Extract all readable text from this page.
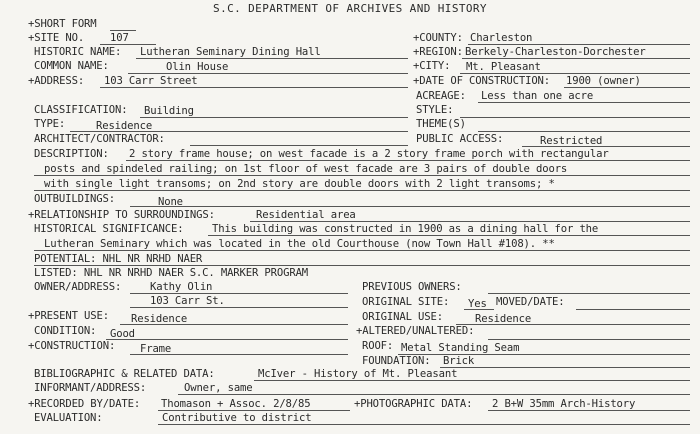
S.C. DEPARTMENT OF ARCHIVES AND HISTORY
+SHORT FORM
+SITE NO. 107	+COUNTY: Charleston
HISTORIC NAME: Lutheran Seminary Dining Hall	+REGION: Berkely-Charleston-Dorchester
COMMON NAME:	Olin House	+CITY: Mt. Pleasant
+ADDRESS: 103 Carr Street	+DATE OF CONSTRUCTION: 1900 (owner)
ACREAGE: Less than one acre
CLASSIFICATION: Building	STYLE:
TYPE:	Residence	THEME(S)
ARCHITECT/CONTRACTOR:	PUBLIC ACCESS:	Restricted
DESCRIPTION: 2 story frame house; on west facade is a 2 story frame porch with rectangular
posts and spindeled railing; on 1st floor of west facade are 3 pairs of double doors
with single light transoms; on 2nd story are double doors with 2 light transoms; *
OUTBUILDINGS:	None
+RELATIONSHIP TO SURROUNDINGS:	Residential area
HISTORICAL SIGNIFICANCE:	This building was constructed in 1900 as a dining hall for the
Lutheran Seminary which was located in the old Courthouse (now Town Hall #108). **
POTENTIAL: NHL NR NRHD NAER
LISTED: NHL NR NRHD NAER S.C. MARKER PROGRAM
OWNER/ADDRESS:	Kathy Olin
103 Carr St.
PREVIOUS OWNERS:
ORIGINAL SITE: Yes MOVED/DATE:
+PRESENT USE: Residence	ORIGINAL USE:	Residence
CONDITION: Good	+ALTERED/UNALTERED:
+CONSTRUCTION: Frame	ROOF: Metal Standing Seam
FOUNDATION: Brick
BIBLIOGRAPHIC & RELATED DATA:	McIver - History of Mt. Pleasant
INFORMANT/ADDRESS:	Owner, same
+RECORDED BY/DATE: Thomason + Assoc. 2/8/85	+PHOTOGRAPHIC DATA: 2 B+W 35mm Arch-History
EVALUATION:	Contributive to district
